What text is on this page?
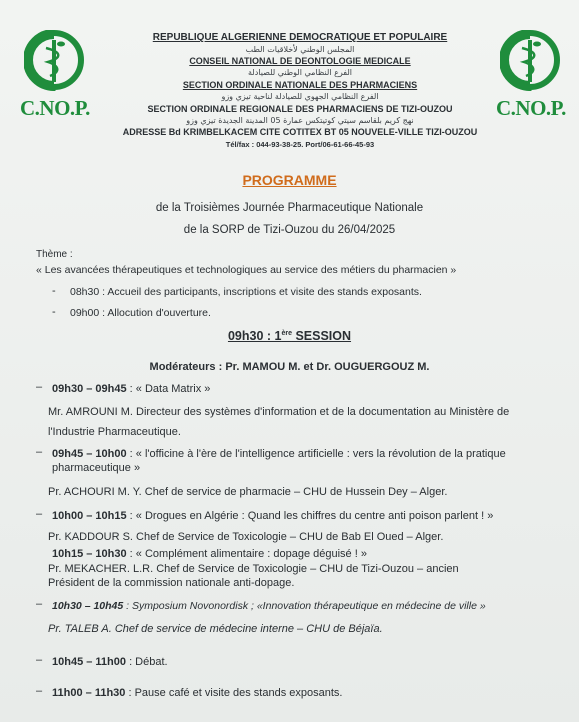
C.NO.P.	C.NO.P.
REPUBLIQUE ALGERIENNE DEMOCRATIQUE ET POPULAIRE
المجلس الوطني لأخلاقيات الطب
CONSEIL NATIONAL DE DEONTOLOGIE MEDICALE
الفرع النظامي الوطني للصيادلة
SECTION ORDINALE NATIONALE DES PHARMACIENS
الفرع النظامي الجهوي للصيادلة لناحية تيزي وزو
SECTION ORDINALE REGIONALE DES PHARMACIENS DE TIZI-OUZOU
نهج كريم بلقاسم سيتي كوتيتكس عمارة 05 المدينة الجديدة تيزي وزو
ADRESSE Bd KRIMBELKACEM CITE COTITEX BT 05 NOUVELE-VILLE TIZI-OUZOU
Tél/fax : 044-93-38-25. Port/06-61-66-45-93
PROGRAMME
de la Troisièmes Journée Pharmaceutique Nationale
de la SORP de Tizi-Ouzou du 26/04/2025
Thème :
« Les avancées thérapeutiques et technologiques au service des métiers du pharmacien »
- 08h30 : Accueil des participants, inscriptions et visite des stands exposants.
- 09h00 : Allocution d'ouverture.
09h30 : 1ère SESSION
Modérateurs : Pr. MAMOU M. et Dr. OUGUERGOUZ M.
– 09h30 – 09h45 : « Data Matrix »
Mr. AMROUNI M. Directeur des systèmes d'information et de la documentation au Ministère de
l'Industrie Pharmaceutique.
– 09h45 – 10h00 : « l'officine à l'ère de l'intelligence artificielle : vers la révolution de la pratique
pharmaceutique »
Pr. ACHOURI M. Y. Chef de service de pharmacie – CHU de Hussein Dey – Alger.
– 10h00 – 10h15 : « Drogues en Algérie : Quand les chiffres du centre anti poison parlent ! »
Pr. KADDOUR S. Chef de Service de Toxicologie – CHU de Bab El Oued – Alger.
10h15 – 10h30 : « Complément alimentaire : dopage déguisé ! »
Pr. MEKACHER. L.R. Chef de Service de Toxicologie – CHU de Tizi-Ouzou – ancien
Président de la commission nationale anti-dopage.
– 10h30 – 10h45 : Symposium Novonordisk ; «Innovation thérapeutique en médecine de ville »
Pr. TALEB A. Chef de service de médecine interne – CHU de Béjaïa.
– 10h45 – 11h00 : Débat.
– 11h00 – 11h30 : Pause café et visite des stands exposants.
